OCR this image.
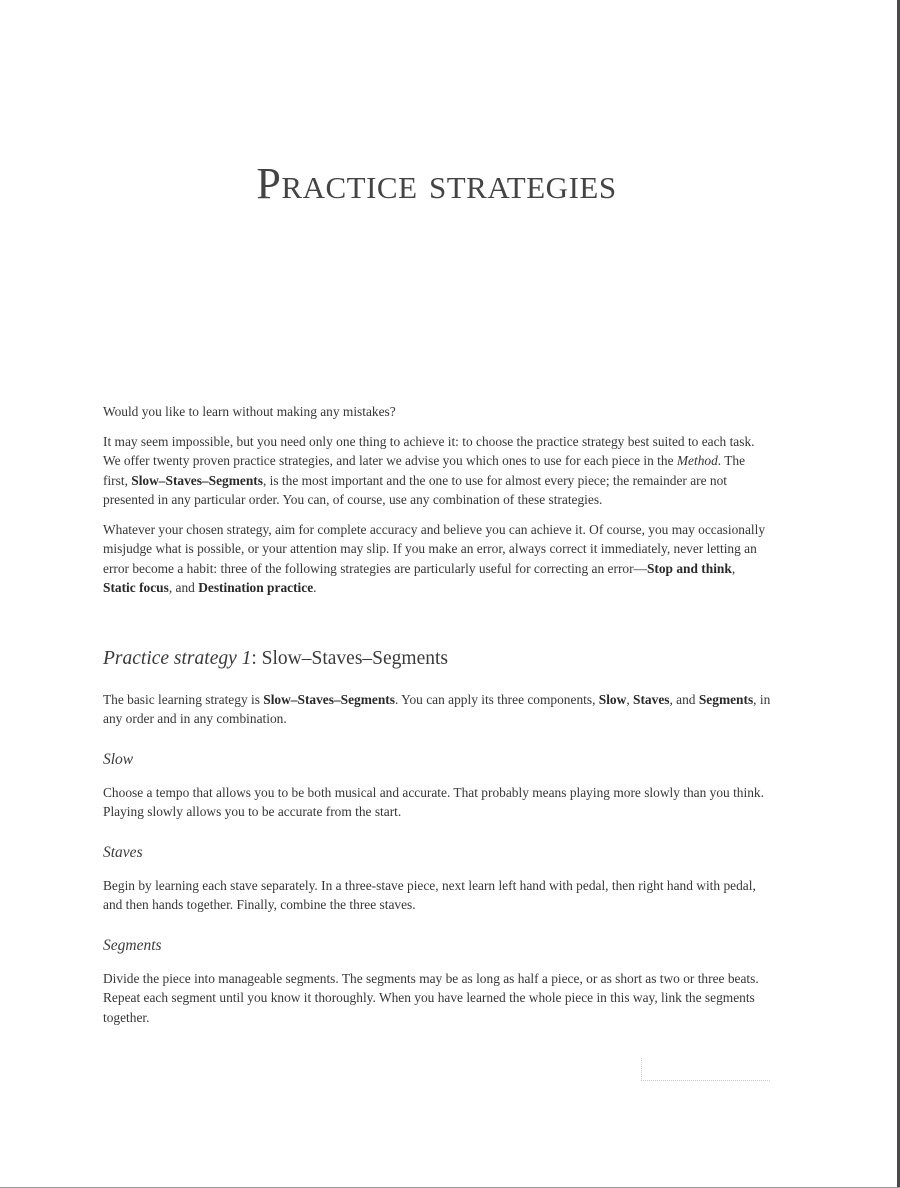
Practice strategies

Would you like to learn without making any mistakes?

It may seem impossible, but you need only one thing to achieve it: to choose the practice strategy best suited to each task. We offer twenty proven practice strategies, and later we advise you which ones to use for each piece in the Method. The first, Slow–Staves–Segments, is the most important and the one to use for almost every piece; the remainder are not presented in any particular order. You can, of course, use any combination of these strategies.

Whatever your chosen strategy, aim for complete accuracy and believe you can achieve it. Of course, you may occasionally misjudge what is possible, or your attention may slip. If you make an error, always correct it immediately, never letting an error become a habit: three of the following strategies are particularly useful for correcting an error—Stop and think, Static focus, and Destination practice.

Practice strategy 1: Slow–Staves–Segments

The basic learning strategy is Slow–Staves–Segments. You can apply its three components, Slow, Staves, and Segments, in any order and in any combination.

Slow

Choose a tempo that allows you to be both musical and accurate. That probably means playing more slowly than you think. Playing slowly allows you to be accurate from the start.

Staves

Begin by learning each stave separately. In a three-stave piece, next learn left hand with pedal, then right hand with pedal, and then hands together. Finally, combine the three staves.

Segments

Divide the piece into manageable segments. The segments may be as long as half a piece, or as short as two or three beats. Repeat each segment until you know it thoroughly. When you have learned the whole piece in this way, link the segments together.
